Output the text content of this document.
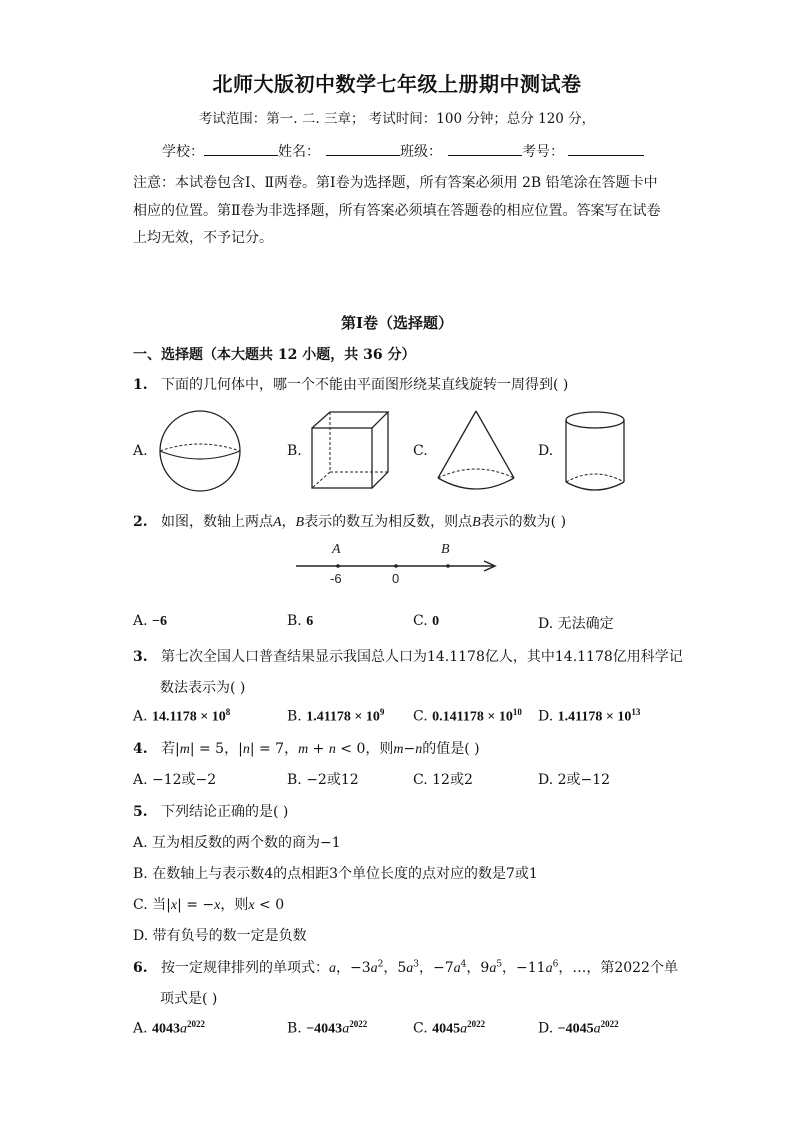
北师大版初中数学七年级上册期中测试卷
考试范围：第一. 二. 三章； 考试时间：100 分钟；总分 120 分，
学校：	姓名：	班级：	考号：
注意：本试卷包含Ⅰ、Ⅱ两卷。第Ⅰ卷为选择题，所有答案必须用 2B 铅笔涂在答题卡中相应的位置。第Ⅱ卷为非选择题，所有答案必须填在答题卷的相应位置。答案写在试卷上均无效，不予记分。
第Ⅰ卷（选择题）
一、选择题（本大题共 12 小题，共 36 分）
1. 下面的几何体中，哪一个不能由平面图形绕某直线旋转一周得到( )
A.	B.	C.	D.
2. 如图，数轴上两点A，B表示的数互为相反数，则点B表示的数为( )
A	B
-6	0
A. −6	B. 6	C. 0	D. 无法确定
3. 第七次全国人口普查结果显示我国总人口为14.1178亿人，其中14.1178亿用科学记
数法表示为( )
A. $14.1178 \times 10^8$	B. $1.41178 \times 10^9$ C. $0.141178 \times 10^{10}$ D. $1.41178 \times 10^{13}$
4. 若|m| = 5，|n| = 7，m + n < 0，则m−n的值是( )
A. −12或−2	B. −2或12	C. 12或2	D. 2或−12
5. 下列结论正确的是( )
A. 互为相反数的两个数的商为−1
B. 在数轴上与表示数4的点相距3个单位长度的点对应的数是7或1
C. 当|x| = −x，则x < 0
D. 带有负号的数一定是负数
6. 按一定规律排列的单项式：a，$-3a^2$，$5a^3$，$-7a^4$，$9a^5$，$-11a^6$，…，第2022个单
项式是( )
A. $4043a^{2022}$	B. $-4043a^{2022}$	C. $4045a^{2022}$	D. $-4045a^{2022}$
